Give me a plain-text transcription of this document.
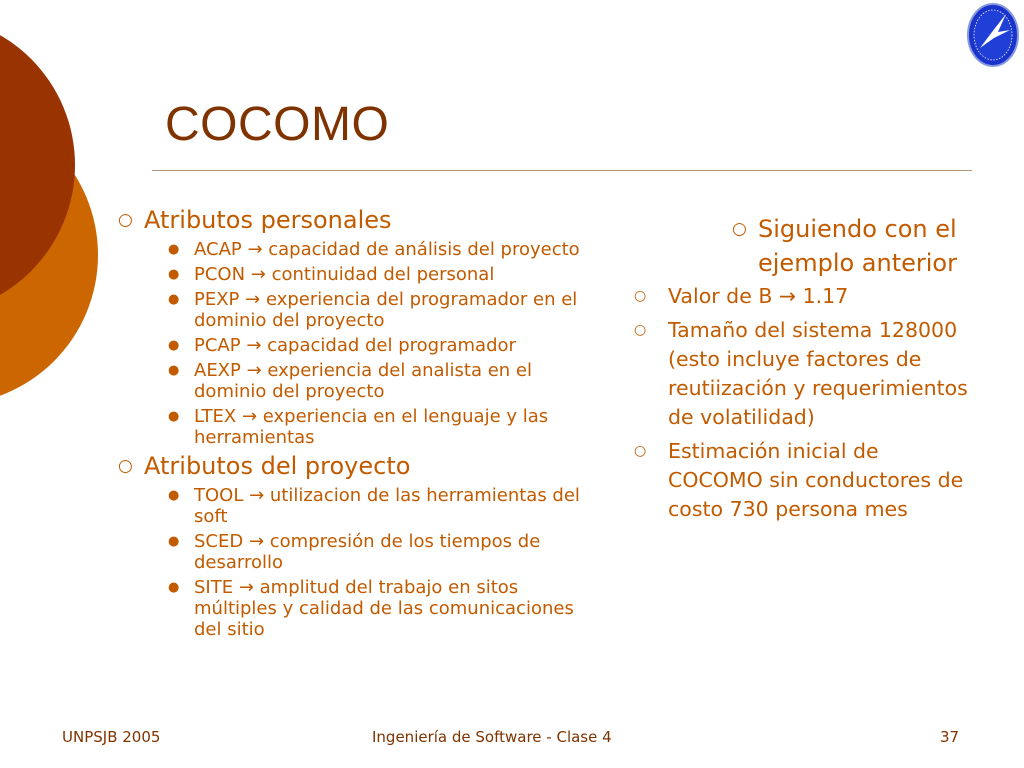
COCOMO
○ Atributos personales
● ACAP → capacidad de análisis del proyecto
● PCON → continuidad del personal
● PEXP → experiencia del programador en el dominio del proyecto
● PCAP → capacidad del programador
● AEXP → experiencia del analista en el dominio del proyecto
● LTEX → experiencia en el lenguaje y las herramientas
○ Atributos del proyecto
● TOOL → utilizacion de las herramientas del soft
● SCED → compresión de los tiempos de desarrollo
● SITE → amplitud del trabajo en sitos múltiples y calidad de las comunicaciones del sitio
○ Siguiendo con el ejemplo anterior
○ Valor de B → 1.17
○ Tamaño del sistema 128000 (esto incluye factores de reutiización y requerimientos de volatilidad)
○ Estimación inicial de COCOMO sin conductores de costo 730 persona mes
UNPSJB 2005	Ingeniería de Software - Clase 4	37
